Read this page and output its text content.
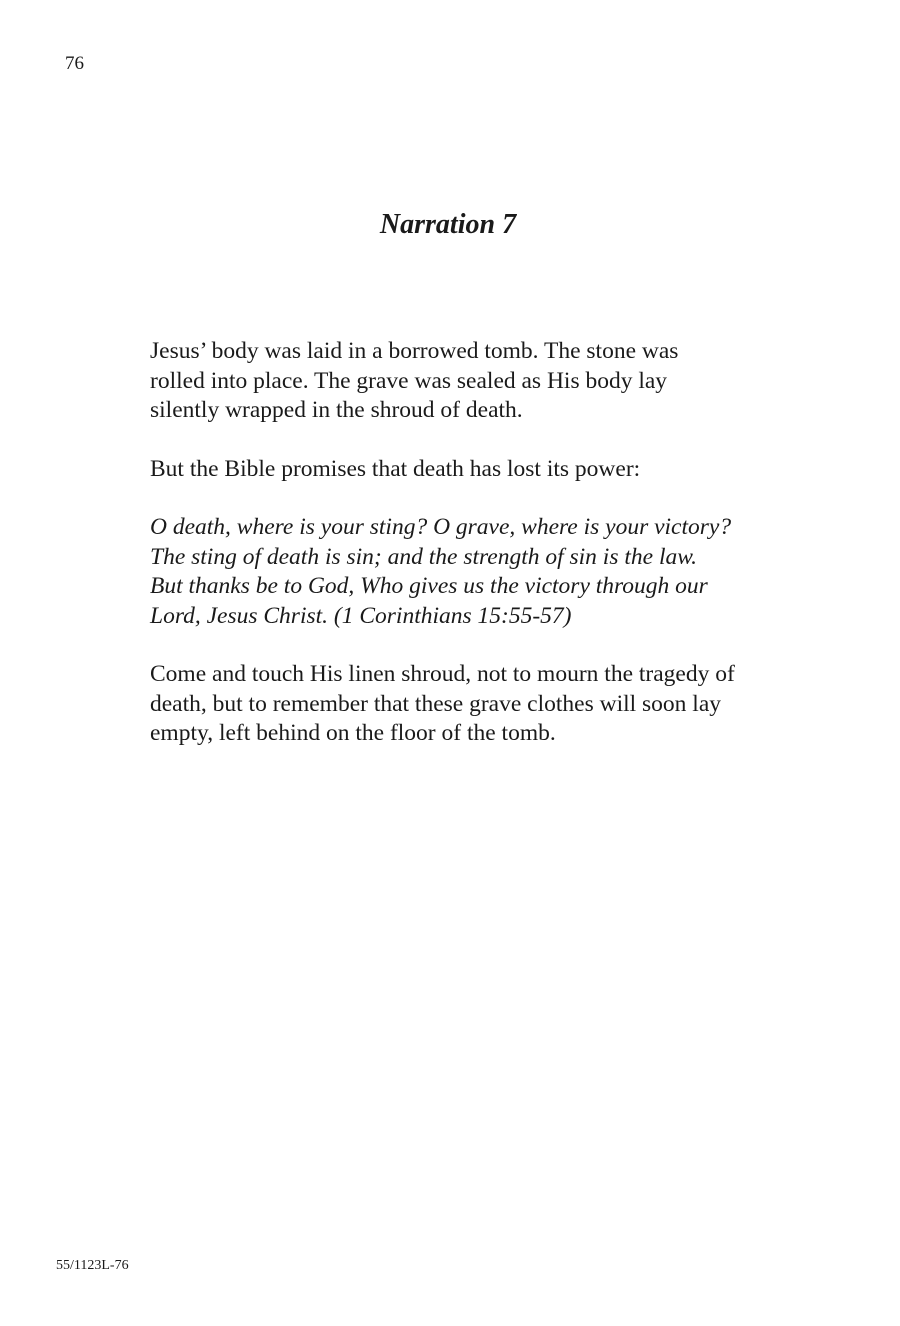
76

Narration 7

Jesus’ body was laid in a borrowed tomb. The stone was
rolled into place. The grave was sealed as His body lay
silently wrapped in the shroud of death.

But the Bible promises that death has lost its power:

O death, where is your sting? O grave, where is your victory?
The sting of death is sin; and the strength of sin is the law.
But thanks be to God, Who gives us the victory through our
Lord, Jesus Christ. (1 Corinthians 15:55-57)

Come and touch His linen shroud, not to mourn the tragedy of
death, but to remember that these grave clothes will soon lay
empty, left behind on the floor of the tomb.

55/1123L-76
